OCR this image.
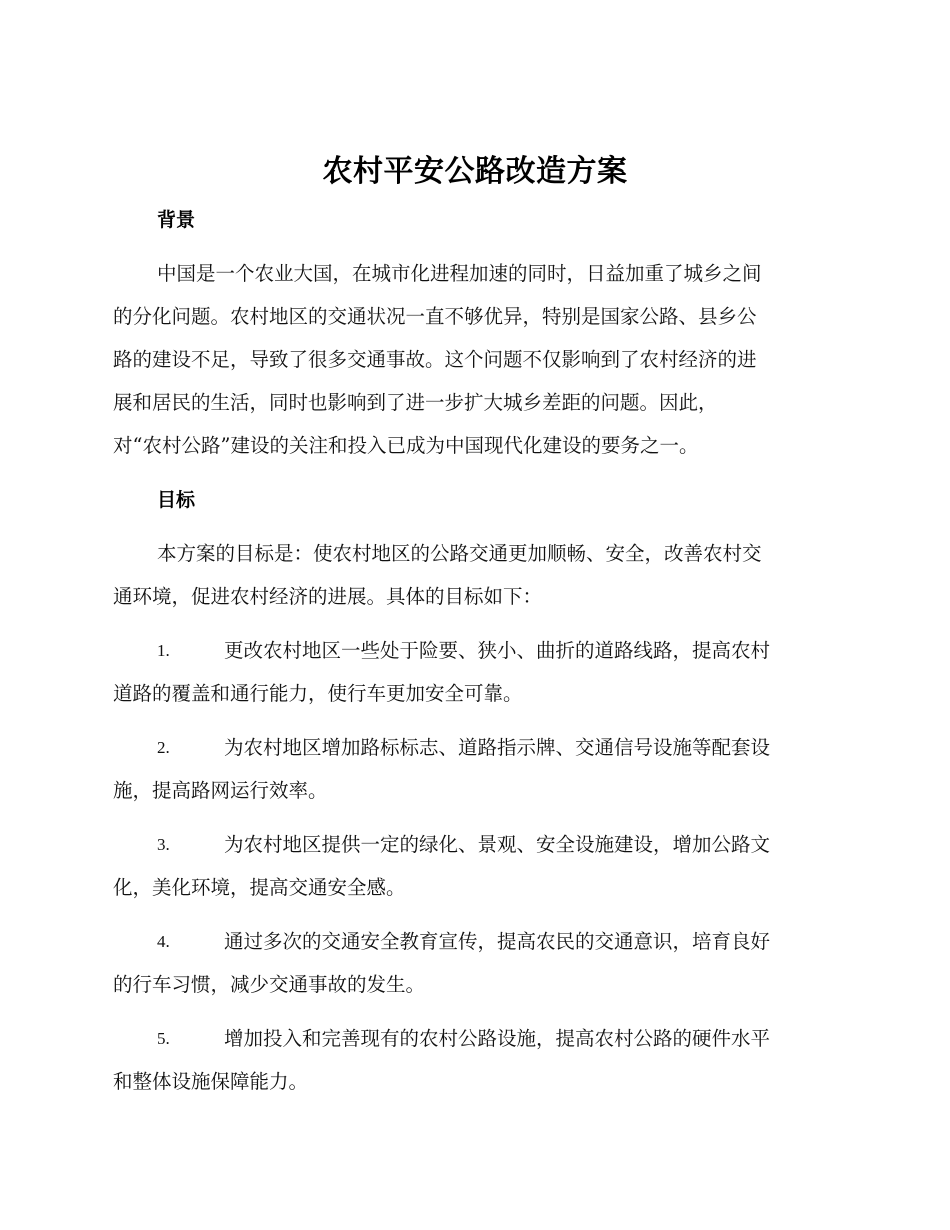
农村平安公路改造方案
背景
中国是一个农业大国，在城市化进程加速的同时，日益加重了城乡之间
的分化问题。农村地区的交通状况一直不够优异，特别是国家公路、县乡公
路的建设不足，导致了很多交通事故。这个问题不仅影响到了农村经济的进
展和居民的生活，同时也影响到了进一步扩大城乡差距的问题。因此，
对“农村公路”建设的关注和投入已成为中国现代化建设的要务之一。
目标
本方案的目标是：使农村地区的公路交通更加顺畅、安全，改善农村交
通环境，促进农村经济的进展。具体的目标如下：
1.	更改农村地区一些处于险要、狭小、曲折的道路线路，提高农村
道路的覆盖和通行能力，使行车更加安全可靠。
2.	为农村地区增加路标标志、道路指示牌、交通信号设施等配套设
施，提高路网运行效率。
3.	为农村地区提供一定的绿化、景观、安全设施建设，增加公路文
化，美化环境，提高交通安全感。
4.	通过多次的交通安全教育宣传，提高农民的交通意识，培育良好
的行车习惯，减少交通事故的发生。
5.	增加投入和完善现有的农村公路设施，提高农村公路的硬件水平
和整体设施保障能力。
